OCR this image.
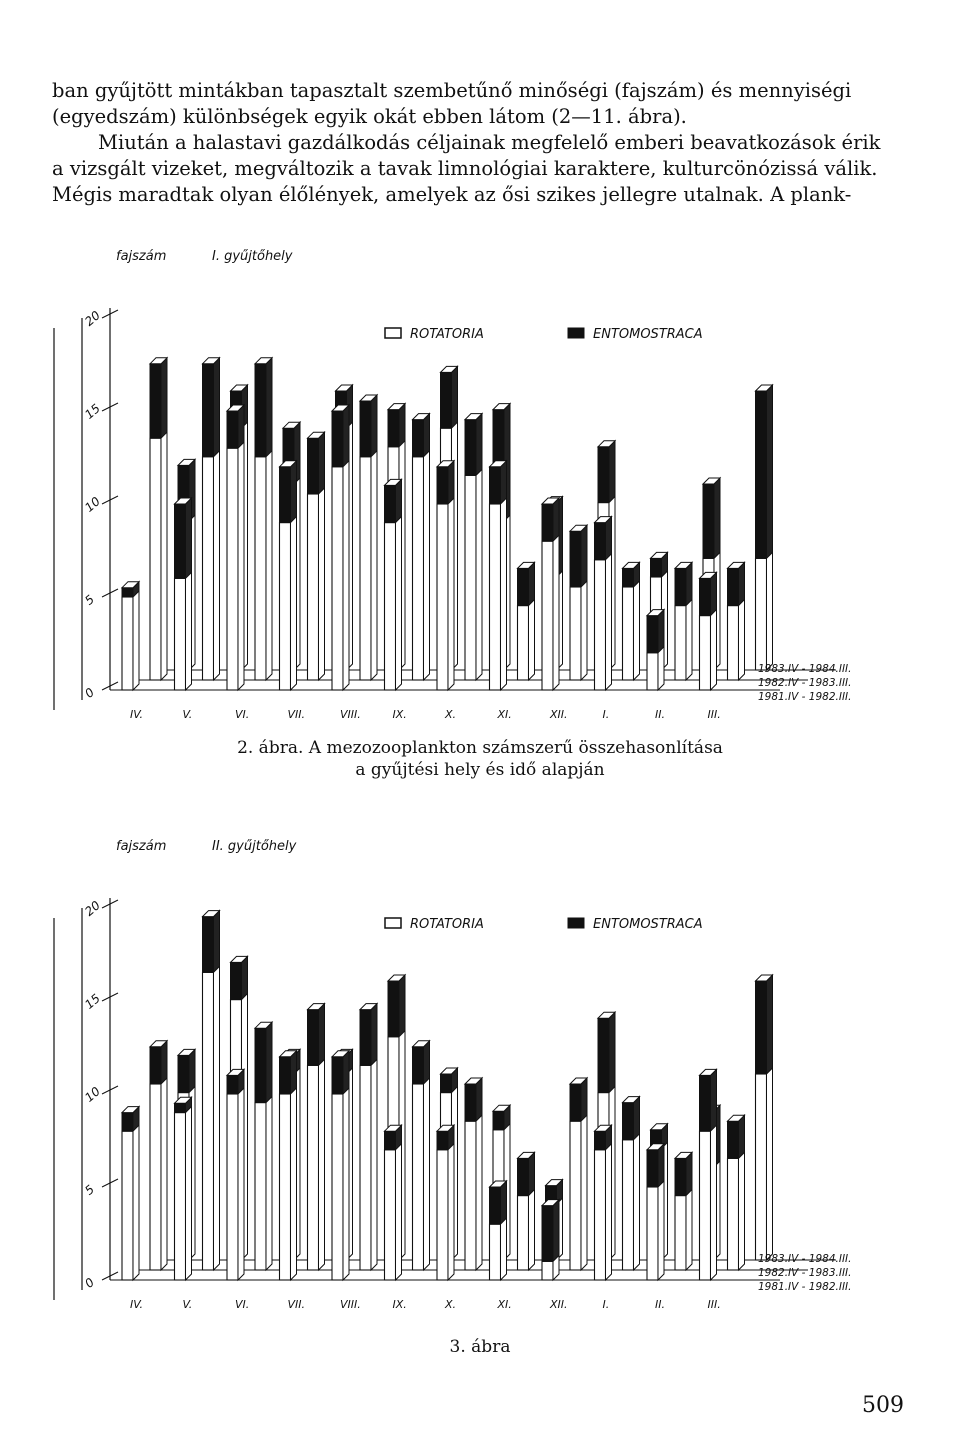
ban gyűjtött mintákban tapasztalt szembetűnő minőségi (fajszám) és mennyiségi
(egyedszám) különbségek egyik okát ebben látom (2—11. ábra).
Miután a halastavi gazdálkodás céljainak megfelelő emberi beavatkozások érik
a vizsgált vizeket, megváltozik a tavak limnológiai karaktere, kulturcönózissá válik.
Mégis maradtak olyan élőlények, amelyek az ősi szikes jellegre utalnak. A plank-
0
5
10
15
20
IV.	V.	VI.	VII.	VIII.	IX.	X.	XI.	XII.	I.	II.	III.
fajszám	I. gyűjtőhely
ROTATORIA	ENTOMOSTRACA
1983.IV - 1984.III.
1982.IV - 1983.III.
1981.IV - 1982.III.
2. ábra. A mezozooplankton számszerű összehasonlítása
a gyűjtési hely és idő alapján
0
5
10
15
20
IV.	V.	VI.	VII.	VIII.	IX.	X.	XI.	XII.	I.	II.	III.
fajszám	II. gyűjtőhely
ROTATORIA	ENTOMOSTRACA
1983.IV - 1984.III.
1982.IV - 1983.III.
1981.IV - 1982.III.
3. ábra
509
